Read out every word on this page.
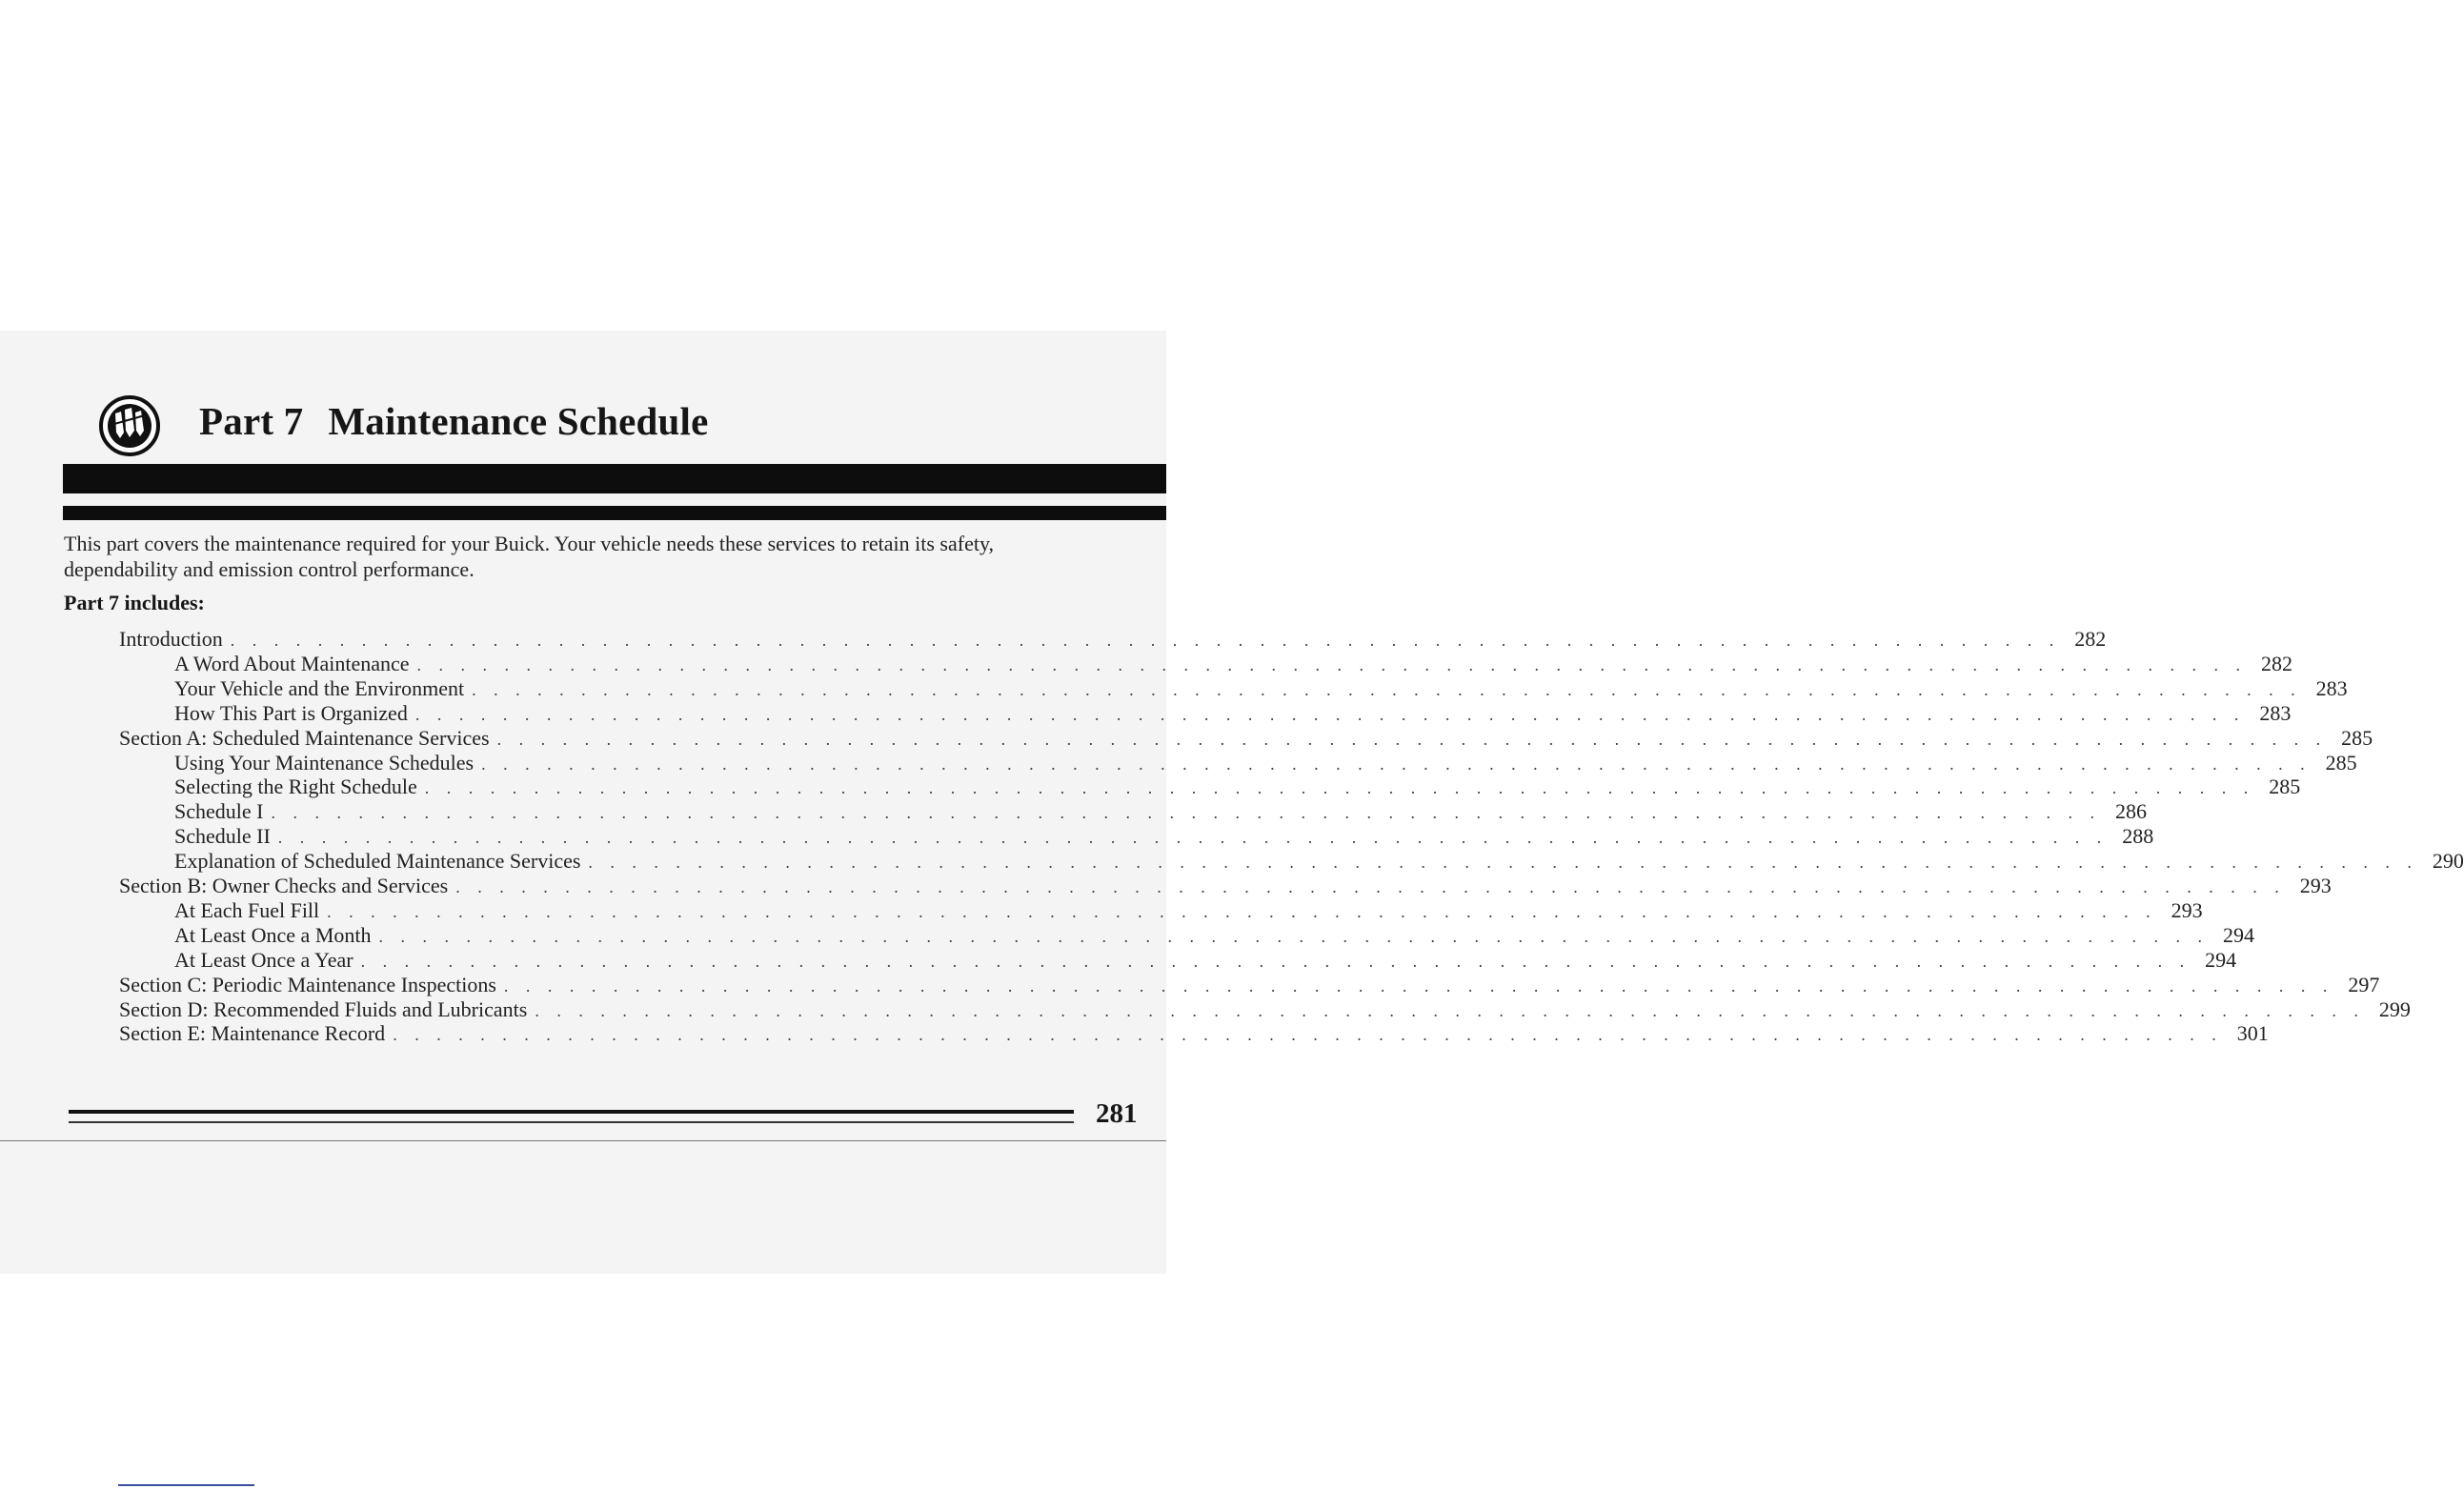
Part 7 Maintenance Schedule
This part covers the maintenance required for your Buick. Your vehicle needs these services to retain its safety, dependability and emission control performance.
Part 7 includes:
Introduction . . . . . . . . . . . . . . . . . . . . . . . . . . . . . . . . . . . . . . . . . . . . . . . . . . . . . . . . . . . . . . . . . . . . . . . . . . . . . . . . . . . . 282
A Word About Maintenance . . . . . . . . . . . . . . . . . . . . . . . . . . . . . . . . . . . . . . . . . . . . . . . . . . . . . . . . . . . . . . . . . . . . . . . . . . . . . . . . . . . . 282
Your Vehicle and the Environment . . . . . . . . . . . . . . . . . . . . . . . . . . . . . . . . . . . . . . . . . . . . . . . . . . . . . . . . . . . . . . . . . . . . . . . . . . . . . . . . . . . . 283
How This Part is Organized . . . . . . . . . . . . . . . . . . . . . . . . . . . . . . . . . . . . . . . . . . . . . . . . . . . . . . . . . . . . . . . . . . . . . . . . . . . . . . . . . . . . 283
Section A: Scheduled Maintenance Services . . . . . . . . . . . . . . . . . . . . . . . . . . . . . . . . . . . . . . . . . . . . . . . . . . . . . . . . . . . . . . . . . . . . . . . . . . . . . . . . . . . . 285
Using Your Maintenance Schedules . . . . . . . . . . . . . . . . . . . . . . . . . . . . . . . . . . . . . . . . . . . . . . . . . . . . . . . . . . . . . . . . . . . . . . . . . . . . . . . . . . . . 285
Selecting the Right Schedule . . . . . . . . . . . . . . . . . . . . . . . . . . . . . . . . . . . . . . . . . . . . . . . . . . . . . . . . . . . . . . . . . . . . . . . . . . . . . . . . . . . . 285
Schedule I . . . . . . . . . . . . . . . . . . . . . . . . . . . . . . . . . . . . . . . . . . . . . . . . . . . . . . . . . . . . . . . . . . . . . . . . . . . . . . . . . . . . 286
Schedule II . . . . . . . . . . . . . . . . . . . . . . . . . . . . . . . . . . . . . . . . . . . . . . . . . . . . . . . . . . . . . . . . . . . . . . . . . . . . . . . . . . . . 288
Explanation of Scheduled Maintenance Services . . . . . . . . . . . . . . . . . . . . . . . . . . . . . . . . . . . . . . . . . . . . . . . . . . . . . . . . . . . . . . . . . . . . . . . . . . . . . . . . . . . . 290
Section B: Owner Checks and Services . . . . . . . . . . . . . . . . . . . . . . . . . . . . . . . . . . . . . . . . . . . . . . . . . . . . . . . . . . . . . . . . . . . . . . . . . . . . . . . . . . . . 293
At Each Fuel Fill . . . . . . . . . . . . . . . . . . . . . . . . . . . . . . . . . . . . . . . . . . . . . . . . . . . . . . . . . . . . . . . . . . . . . . . . . . . . . . . . . . . . 293
At Least Once a Month . . . . . . . . . . . . . . . . . . . . . . . . . . . . . . . . . . . . . . . . . . . . . . . . . . . . . . . . . . . . . . . . . . . . . . . . . . . . . . . . . . . . 294
At Least Once a Year . . . . . . . . . . . . . . . . . . . . . . . . . . . . . . . . . . . . . . . . . . . . . . . . . . . . . . . . . . . . . . . . . . . . . . . . . . . . . . . . . . . . 294
Section C: Periodic Maintenance Inspections . . . . . . . . . . . . . . . . . . . . . . . . . . . . . . . . . . . . . . . . . . . . . . . . . . . . . . . . . . . . . . . . . . . . . . . . . . . . . . . . . . . . 297
Section D: Recommended Fluids and Lubricants . . . . . . . . . . . . . . . . . . . . . . . . . . . . . . . . . . . . . . . . . . . . . . . . . . . . . . . . . . . . . . . . . . . . . . . . . . . . . . . . . . . . 299
Section E: Maintenance Record . . . . . . . . . . . . . . . . . . . . . . . . . . . . . . . . . . . . . . . . . . . . . . . . . . . . . . . . . . . . . . . . . . . . . . . . . . . . . . . . . . . . 301
281
